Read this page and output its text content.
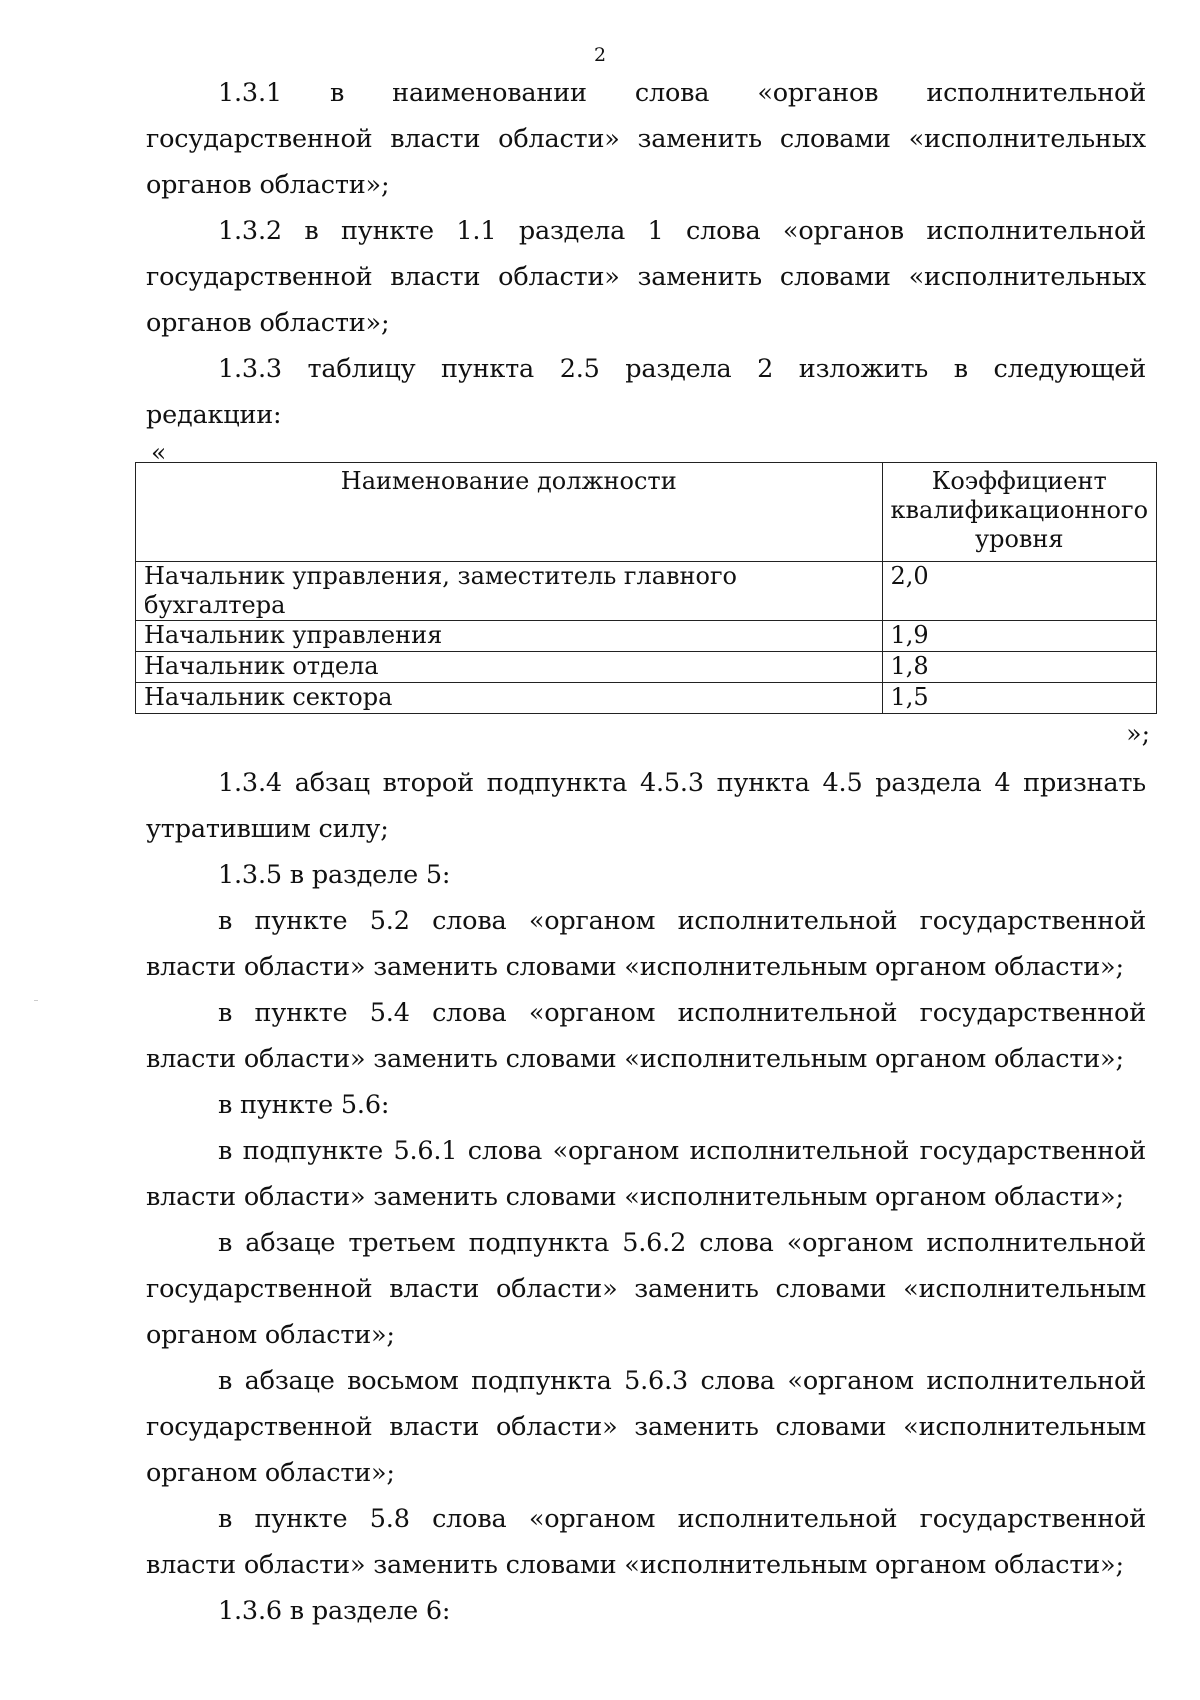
2

1.3.1 в наименовании слова «органов исполнительной государственной власти области» заменить словами «исполнительных органов области»;

1.3.2 в пункте 1.1 раздела 1 слова «органов исполнительной государственной власти области» заменить словами «исполнительных органов области»;

1.3.3 таблицу пункта 2.5 раздела 2 изложить в следующей редакции:

«
Наименование должности	Коэффициент квалификационного уровня
Начальник управления, заместитель главного бухгалтера	2,0
Начальник управления	1,9
Начальник отдела	1,8
Начальник сектора	1,5
»;

1.3.4 абзац второй подпункта 4.5.3 пункта 4.5 раздела 4 признать утратившим силу;

1.3.5 в разделе 5:

в пункте 5.2 слова «органом исполнительной государственной власти области» заменить словами «исполнительным органом области»;

в пункте 5.4 слова «органом исполнительной государственной власти области» заменить словами «исполнительным органом области»;

в пункте 5.6:

в подпункте 5.6.1 слова «органом исполнительной государственной власти области» заменить словами «исполнительным органом области»;

в абзаце третьем подпункта 5.6.2 слова «органом исполнительной государственной власти области» заменить словами «исполнительным органом области»;

в абзаце восьмом подпункта 5.6.3 слова «органом исполнительной государственной власти области» заменить словами «исполнительным органом области»;

в пункте 5.8 слова «органом исполнительной государственной власти области» заменить словами «исполнительным органом области»;

1.3.6 в разделе 6:
